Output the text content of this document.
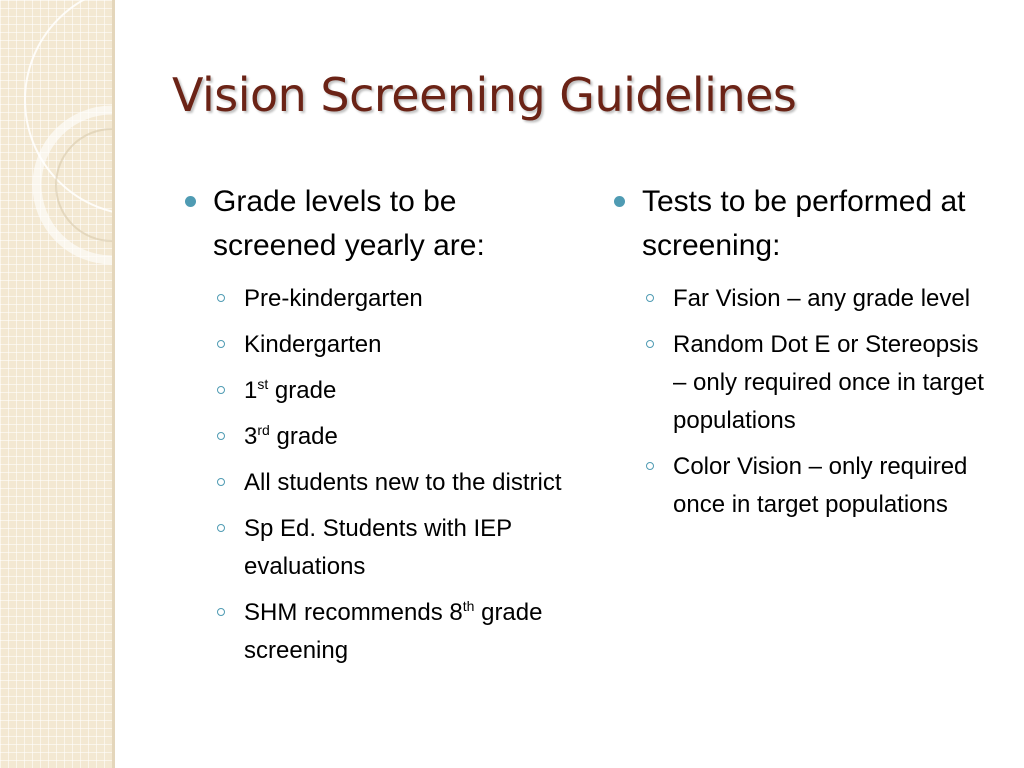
Vision Screening Guidelines
Grade levels to be screened yearly are:
Pre-kindergarten
Kindergarten
1st grade
3rd grade
All students new to the district
Sp Ed. Students with IEP evaluations
SHM recommends 8th grade screening
Tests to be performed at screening:
Far Vision – any grade level
Random Dot E or Stereopsis – only required once in target populations
Color Vision – only required once in target populations
